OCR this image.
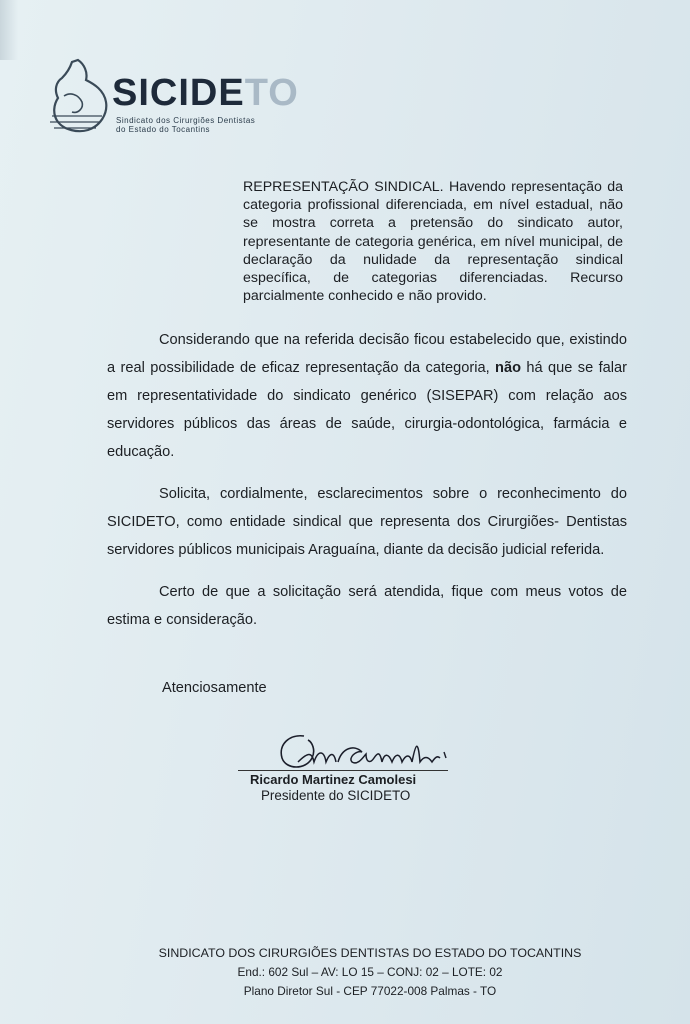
SICIDETO
Sindicato dos Cirurgiões Dentistas
do Estado do Tocantins
REPRESENTAÇÃO SINDICAL. Havendo representação da categoria profissional diferenciada, em nível estadual, não se mostra correta a pretensão do sindicato autor, representante de categoria genérica, em nível municipal, de declaração da nulidade da representação sindical específica, de categorias diferenciadas. Recurso parcialmente conhecido e não provido.
Considerando que na referida decisão ficou estabelecido que, existindo a real possibilidade de eficaz representação da categoria, não há que se falar em representatividade do sindicato genérico (SISEPAR) com relação aos servidores públicos das áreas de saúde, cirurgia-odontológica, farmácia e educação.
Solicita, cordialmente, esclarecimentos sobre o reconhecimento do SICIDETO, como entidade sindical que representa dos Cirurgiões- Dentistas servidores públicos municipais Araguaína, diante da decisão judicial referida.
Certo de que a solicitação será atendida, fique com meus votos de estima e consideração.
Atenciosamente
Ricardo Martinez Camolesi
Presidente do SICIDETO
SINDICATO DOS CIRURGIÕES DENTISTAS DO ESTADO DO TOCANTINS
End.: 602 Sul – AV: LO 15 – CONJ: 02 – LOTE: 02
Plano Diretor Sul - CEP 77022-008 Palmas - TO
